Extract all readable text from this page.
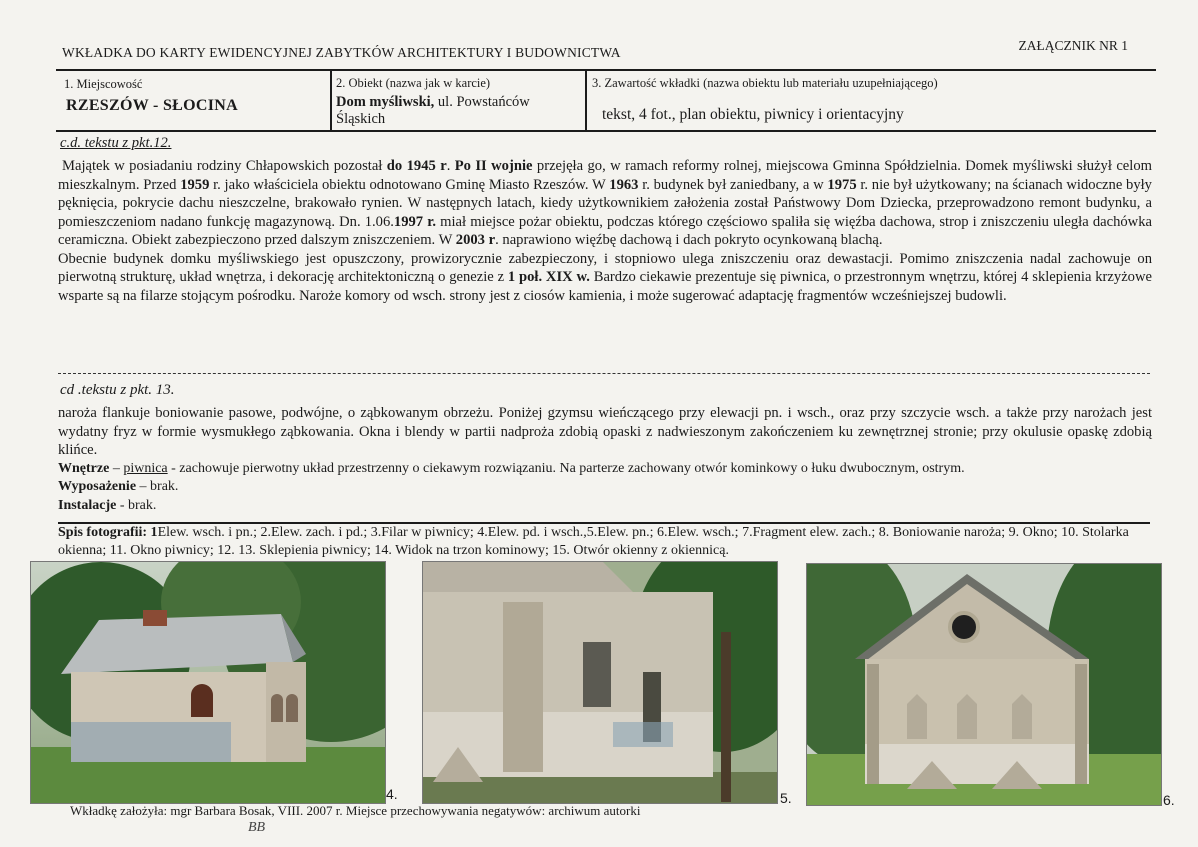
WKŁADKA DO KARTY EWIDENCYJNEJ ZABYTKÓW ARCHITEKTURY I BUDOWNICTWA	ZAŁĄCZNIK NR 1
1. Miejscowość
RZESZÓW - SŁOCINA
2. Obiekt (nazwa jak w karcie)
Dom myśliwski, ul. Powstańców Śląskich
3. Zawartość wkładki (nazwa obiektu lub materiału uzupełniającego)
tekst, 4 fot., plan obiektu, piwnicy i orientacyjny
c.d. tekstu z pkt.12.

Majątek w posiadaniu rodziny Chłapowskich pozostał do 1945 r. Po II wojnie przejęła go, w ramach reformy rolnej, miejscowa Gminna Spółdzielnia. Domek myśliwski służył celom mieszkalnym. Przed 1959 r. jako właściciela obiektu odnotowano Gminę Miasto Rzeszów. W 1963 r. budynek był zaniedbany, a w 1975 r. nie był użytkowany; na ścianach widoczne były pęknięcia, pokrycie dachu nieszczelne, brakowało rynien. W następnych latach, kiedy użytkownikiem założenia został Państwowy Dom Dziecka, przeprowadzono remont budynku, a pomieszczeniom nadano funkcję magazynową. Dn. 1.06.1997 r. miał miejsce pożar obiektu, podczas którego częściowo spaliła się więźba dachowa, strop i zniszczeniu uległa dachówka ceramiczna. Obiekt zabezpieczono przed dalszym zniszczeniem. W 2003 r. naprawiono więźbę dachową i dach pokryto ocynkowaną blachą.

Obecnie budynek domku myśliwskiego jest opuszczony, prowizorycznie zabezpieczony, i stopniowo ulega zniszczeniu oraz dewastacji. Pomimo zniszczenia nadal zachowuje on pierwotną strukturę, układ wnętrza, i dekorację architektoniczną o genezie z 1 poł. XIX w. Bardzo ciekawie prezentuje się piwnica, o przestronnym wnętrzu, której 4 sklepienia krzyżowe wsparte są na filarze stojącym pośrodku. Naroże komory od wsch. strony jest z ciosów kamienia, i może sugerować adaptację fragmentów wcześniejszej budowli.

cd .tekstu z pkt. 13.

naroża flankuje boniowanie pasowe, podwójne, o ząbkowanym obrzeżu. Poniżej gzymsu wieńczącego przy elewacji pn. i wsch., oraz przy szczycie wsch. a także przy narożach jest wydatny fryz w formie wysmukłego ząbkowania. Okna i blendy w partii nadproża zdobią opaski z nadwieszonym zakończeniem ku zewnętrznej stronie; przy okulusie opaskę zdobią klińce.

Wnętrze – piwnica - zachowuje pierwotny układ przestrzenny o ciekawym rozwiązaniu. Na parterze zachowany otwór kominkowy o łuku dwubocznym, ostrym.

Wyposażenie – brak.

Instalacje - brak.

Spis fotografii: 1Elew. wsch. i pn.; 2.Elew. zach. i pd.; 3.Filar w piwnicy; 4.Elew. pd. i wsch.,5.Elew. pn.; 6.Elew. wsch.; 7.Fragment elew. zach.; 8. Boniowanie naroża; 9. Okno; 10. Stolarka okienna; 11. Okno piwnicy; 12. 13. Sklepienia piwnicy; 14. Widok na trzon kominowy; 15. Otwór okienny z okiennicą.
4.	5.	6.
Wkładkę założyła: mgr Barbara Bosak, VIII. 2007 r. Miejsce przechowywania negatywów: archiwum autorki
BB
